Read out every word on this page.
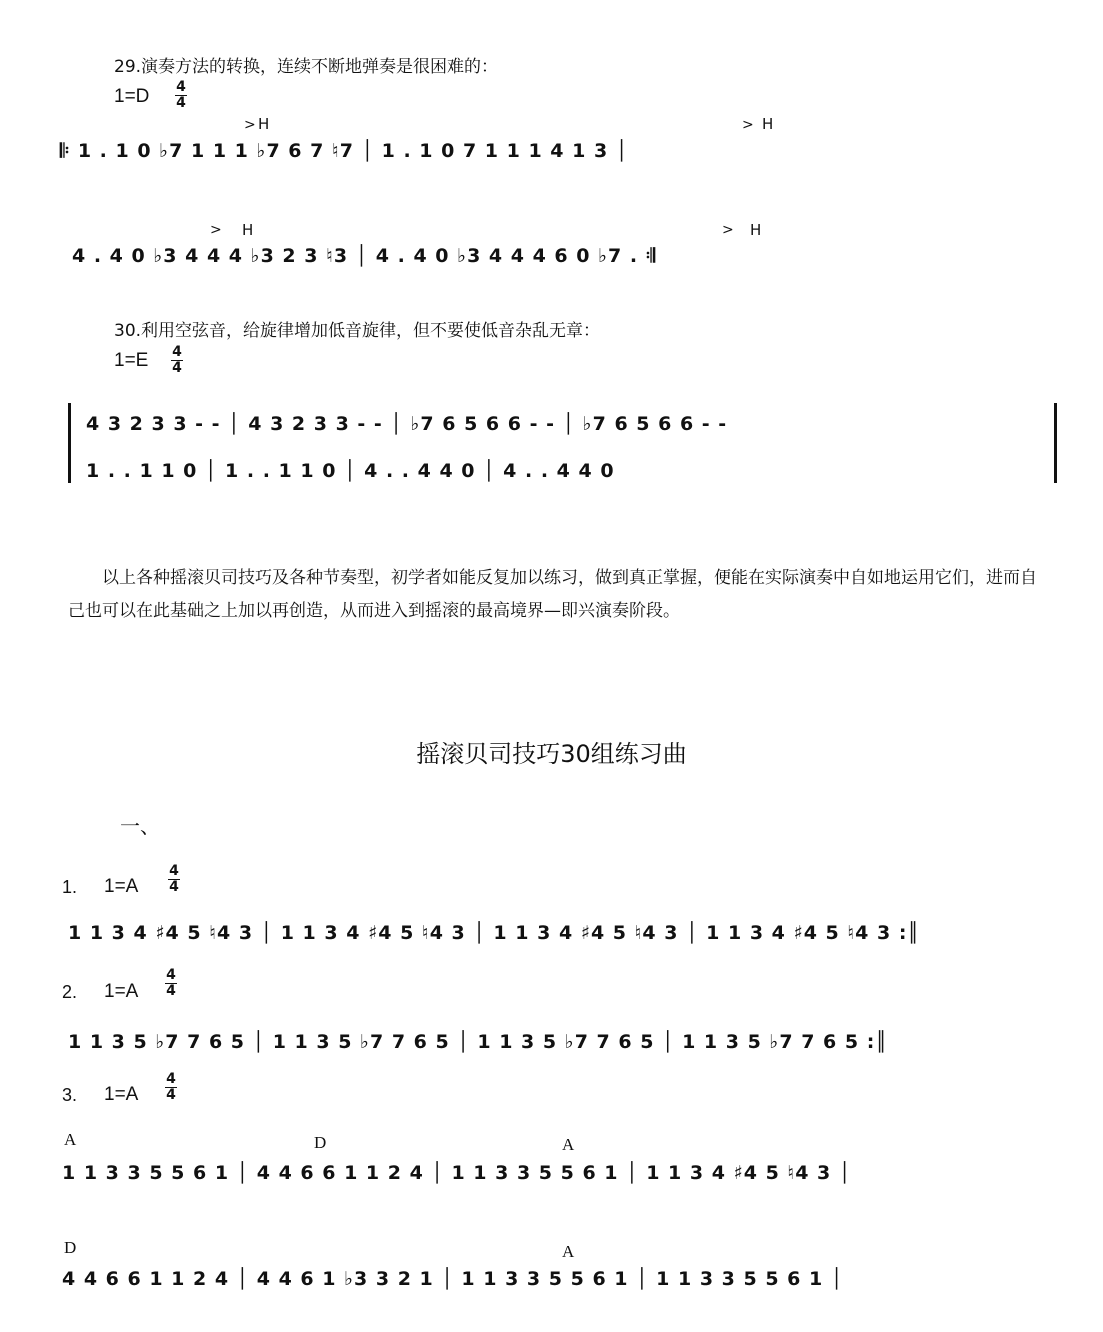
29.演奏方法的转换，连续不断地弹奏是很困难的：
1=D 4
4
> H	> H
𝄆 1 . 1 0 ♭7 1 1 1 ♭7 6 7 ♮7 │ 1 . 1 0 7 1 1 1 4 1 3 │
> H	> H
4 . 4 0 ♭3 4 4 4 ♭3 2 3 ♮3 │ 4 . 4 0 ♭3 4 4 4 6 0 ♭7 . 𝄇
30.利用空弦音，给旋律增加低音旋律，但不要使低音杂乱无章：
1=E 4
4
4 3 2 3 3 - - │ 4 3 2 3 3 - - │ ♭7 6 5 6 6 - - │ ♭7 6 5 6 6 - -
1 . . 1 1 0 │ 1 . . 1 1 0 │ 4 . . 4 4 0 │ 4 . . 4 4 0
以上各种摇滚贝司技巧及各种节奏型，初学者如能反复加以练习，做到真正掌握，便能在实际演奏中自如地运用它们，进而自己也可以在此基础之上加以再创造，从而进入到摇滚的最高境界—即兴演奏阶段。
摇滚贝司技巧30组练习曲
一、
1. 1=A
4
4
1 1 3 4 ♯4 5 ♮4 3 │ 1 1 3 4 ♯4 5 ♮4 3 │ 1 1 3 4 ♯4 5 ♮4 3 │ 1 1 3 4 ♯4 5 ♮4 3 :║
2. 1=A
4
4
1 1 3 5 ♭7 7 6 5 │ 1 1 3 5 ♭7 7 6 5 │ 1 1 3 5 ♭7 7 6 5 │ 1 1 3 5 ♭7 7 6 5 :║
3. 1=A
4
4
A	D	A
1 1 3 3 5 5 6 1 │ 4 4 6 6 1 1 2 4 │ 1 1 3 3 5 5 6 1 │ 1 1 3 4 ♯4 5 ♮4 3 │
D	A
4 4 6 6 1 1 2 4 │ 4 4 6 1 ♭3 3 2 1 │ 1 1 3 3 5 5 6 1 │ 1 1 3 3 5 5 6 1 │
